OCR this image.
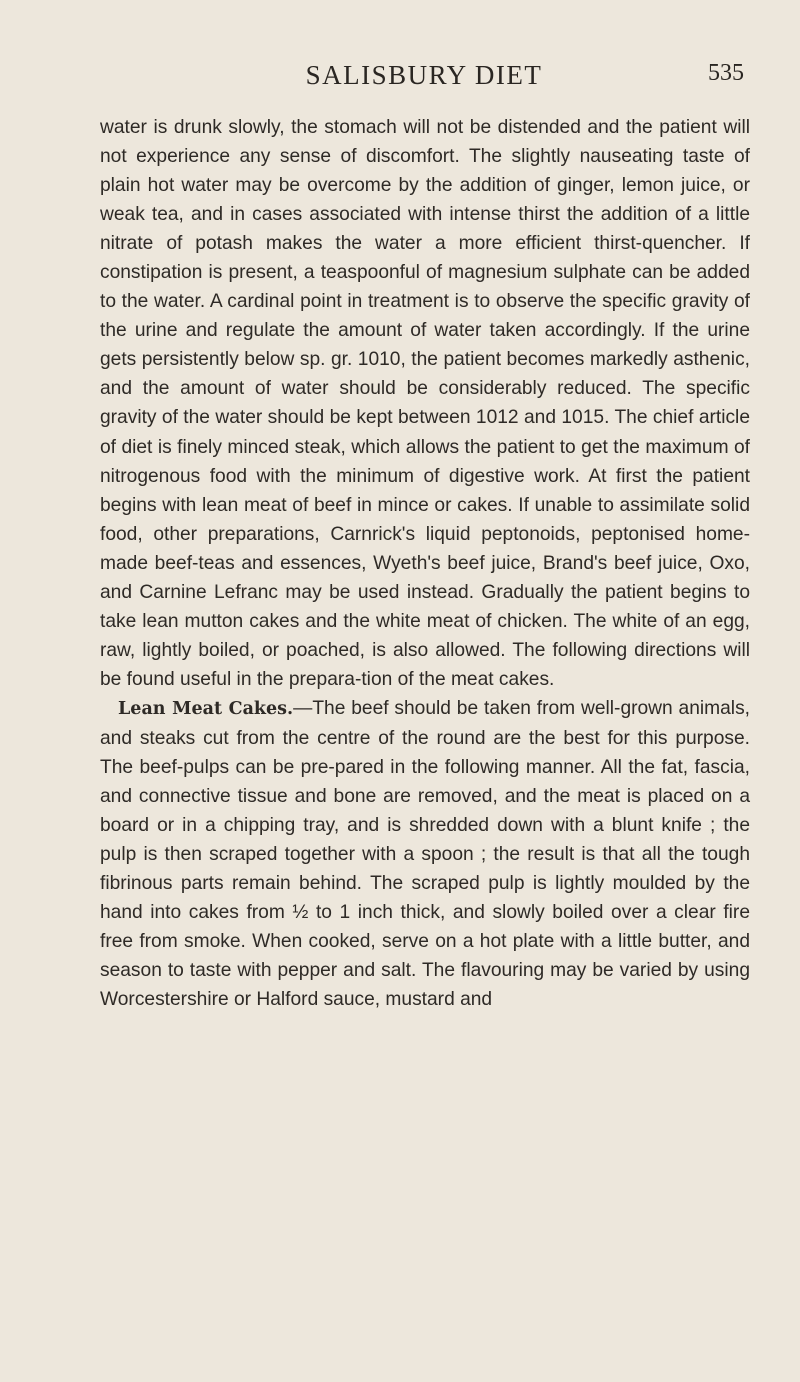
SALISBURY DIET	535

water is drunk slowly, the stomach will not be distended and the patient will not experience any sense of discomfort. The slightly nauseating taste of plain hot water may be overcome by the addition of ginger, lemon juice, or weak tea, and in cases associated with intense thirst the addition of a little nitrate of potash makes the water a more efficient thirst-quencher. If constipation is present, a teaspoonful of magnesium sulphate can be added to the water. A cardinal point in treatment is to observe the specific gravity of the urine and regulate the amount of water taken accordingly. If the urine gets persistently below sp. gr. 1010, the patient becomes markedly asthenic, and the amount of water should be considerably reduced. The specific gravity of the water should be kept between 1012 and 1015. The chief article of diet is finely minced steak, which allows the patient to get the maximum of nitrogenous food with the minimum of digestive work. At first the patient begins with lean meat of beef in mince or cakes. If unable to assimilate solid food, other preparations, Carnrick's liquid peptonoids, peptonised home-made beef-teas and essences, Wyeth's beef juice, Brand's beef juice, Oxo, and Carnine Lefranc may be used instead. Gradually the patient begins to take lean mutton cakes and the white meat of chicken. The white of an egg, raw, lightly boiled, or poached, is also allowed. The following directions will be found useful in the prepara-tion of the meat cakes.

Lean Meat Cakes.—The beef should be taken from well-grown animals, and steaks cut from the centre of the round are the best for this purpose. The beef-pulps can be pre-pared in the following manner. All the fat, fascia, and connective tissue and bone are removed, and the meat is placed on a board or in a chipping tray, and is shredded down with a blunt knife ; the pulp is then scraped together with a spoon ; the result is that all the tough fibrinous parts remain behind. The scraped pulp is lightly moulded by the hand into cakes from ½ to 1 inch thick, and slowly boiled over a clear fire free from smoke. When cooked, serve on a hot plate with a little butter, and season to taste with pepper and salt. The flavouring may be varied by using Worcestershire or Halford sauce, mustard and
